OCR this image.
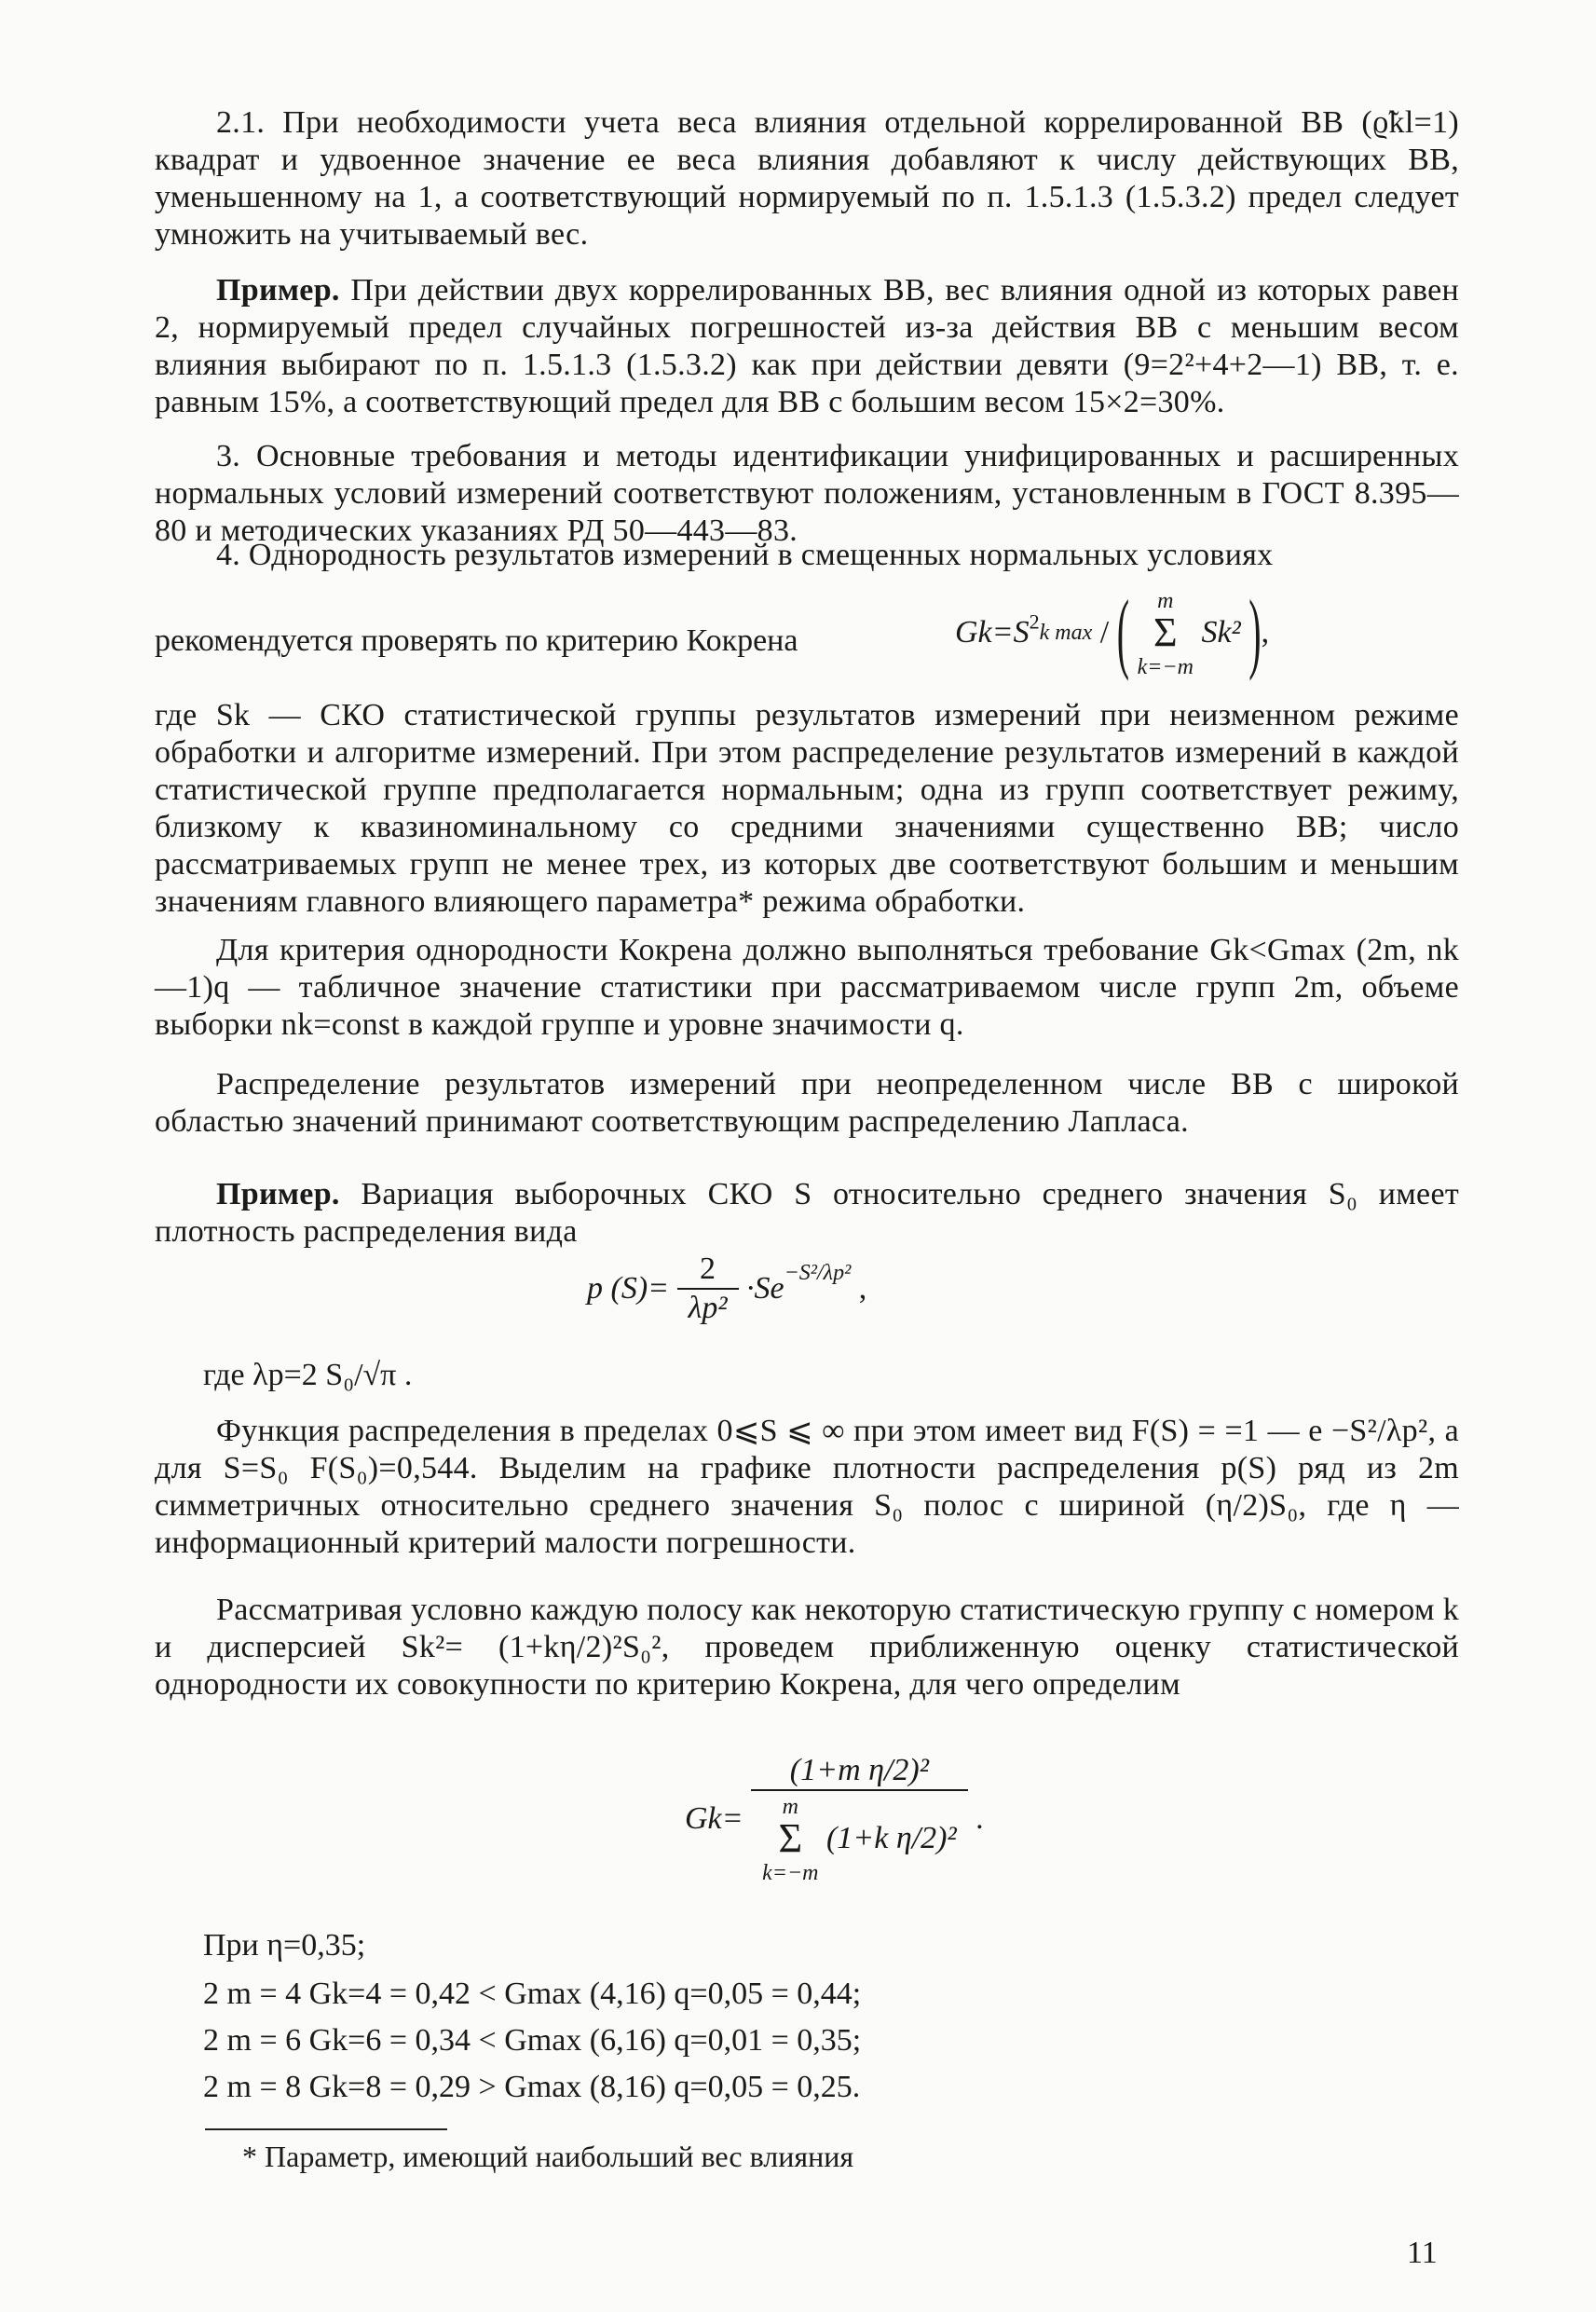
2.1. При необходимости учета веса влияния отдельной коррелированной ВВ (ϱ̃kl=1) квадрат и удвоенное значение ее веса влияния добавляют к числу действующих ВВ, уменьшенному на 1, а соответствующий нормируемый по п. 1.5.1.3 (1.5.3.2) предел следует умножить на учитываемый вес.

Пример. При действии двух коррелированных ВВ, вес влияния одной из которых равен 2, нормируемый предел случайных погрешностей из-за действия ВВ с меньшим весом влияния выбирают по п. 1.5.1.3 (1.5.3.2) как при действии девяти (9=2²+4+2—1) ВВ, т. е. равным 15%, а соответствующий предел для ВВ с большим весом 15×2=30%.

3. Основные требования и методы идентификации унифицированных и расширенных нормальных условий измерений соответствуют положениям, установленным в ГОСТ 8.395—80 и методических указаниях РД 50—443—83.

4. Однородность результатов измерений в смещенных нормальных условиях

рекомендуется проверять по критерию Кокрена	$Gk=S^2k$ max / ( m
Σ
k=−m Sk² ),

где Sk — СКО статистической группы результатов измерений при неизменном режиме обработки и алгоритме измерений. При этом распределение результатов измерений в каждой статистической группе предполагается нормальным; одна из групп соответствует режиму, близкому к квазиноминальному со средними значениями существенно ВВ; число рассматриваемых групп не менее трех, из которых две соответствуют большим и меньшим значениям главного влияющего параметра* режима обработки.

Для критерия однородности Кокрена должно выполняться требование Gk<Gmax (2m, nk—1)q — табличное значение статистики при рассматриваемом числе групп 2m, объеме выборки nk=const в каждой группе и уровне значимости q.

Распределение результатов измерений при неопределенном числе ВВ с широкой областью значений принимают соответствующим распределению Лапласа.

Пример. Вариация выборочных СКО S относительно среднего значения S₀ имеет плотность распределения вида

p $(S)= \frac{2}{\text{λp²}} \cdot Se^{-S^2/\lambda p^2}$ ,
где λp=2 S₀/√π .

Функция распределения в пределах 0⩽S ⩽ ∞ при этом имеет вид F(S) = =1 — e −S²/λp², а для S=S₀ F(S₀)=0,544. Выделим на графике плотности распределения p(S) ряд из 2m симметричных относительно среднего значения S₀ полос с шириной (η/2)S₀, где η — информационный критерий малости погрешности.

Рассматривая условно каждую полосу как некоторую статистическую группу с номером k и дисперсией Sk²= (1+kη/2)²S₀², проведем приближенную оценку статистической однородности их совокупности по критерию Кокрена, для чего определим

Gk= (1+m η/2)²
m
Σ
k=−m (1+k η/2)² .
При η=0,35;
2 m = 4 Gk=4 = 0,42 < Gmax (4,16) q=0,05 = 0,44;
2 m = 6 Gk=6 = 0,34 < Gmax (6,16) q=0,01 = 0,35;
2 m = 8 Gk=8 = 0,29 > Gmax (8,16) q=0,05 = 0,25.
* Параметр, имеющий наибольший вес влияния
11
